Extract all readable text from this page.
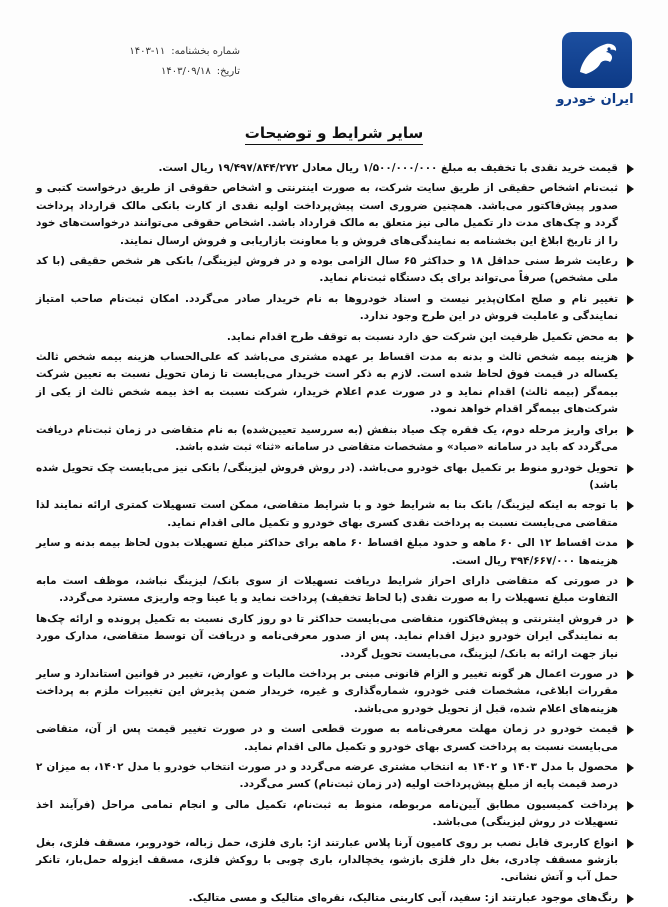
ایران خودرو
شماره بخشنامه:
۱۴۰۳-۱۱
تاریخ:
۱۴۰۳/۰۹/۱۸
سایر شرایط و توضیحات
قیمت خرید نقدی با تخفیف به مبلغ ۱/۵۰۰/۰۰۰/۰۰۰ ریال معادل ۱۹/۴۹۷/۸۴۴/۲۷۲ ریال است.
ثبت‌نام اشخاص حقیقی از طریق سایت شرکت، به صورت اینترنتی و اشخاص حقوقی از طریق درخواست کتبی و صدور پیش‌فاکتور می‌باشد. همچنین ضروری است پیش‌پرداخت اولیه نقدی از کارت بانکی مالک قرارداد پرداخت گردد و چک‌های مدت دار تکمیل مالی نیز متعلق به مالک قرارداد باشد. اشخاص حقوقی می‌توانند درخواست‌های خود را از تاریخ ابلاغ این بخشنامه به نمایندگی‌های فروش و یا معاونت بازاریابی و فروش ارسال نمایند.
رعایت شرط سنی حداقل ۱۸ و حداکثر ۶۵ سال الزامی بوده و در فروش لیزینگی/ بانکی هر شخص حقیقی (با کد ملی مشخص) صرفاً می‌تواند برای یک دستگاه ثبت‌نام نماید.
تغییر نام و صلح امکان‌پذیر نیست و اسناد خودروها به نام خریدار صادر می‌گردد. امکان ثبت‌نام صاحب امتیاز نمایندگی و عاملیت فروش در این طرح وجود ندارد.
به محض تکمیل ظرفیت این شرکت حق دارد نسبت به توقف طرح اقدام نماید.
هزینه بیمه شخص ثالث و بدنه به مدت اقساط بر عهده مشتری می‌باشد که علی‌الحساب هزینه بیمه شخص ثالث یکساله در قیمت فوق لحاظ شده است. لازم به ذکر است خریدار می‌بایست تا زمان تحویل نسبت به تعیین شرکت بیمه‌گر (بیمه ثالث) اقدام نماید و در صورت عدم اعلام خریدار، شرکت نسبت به اخذ بیمه شخص ثالث از یکی از شرکت‌های بیمه‌گر اقدام خواهد نمود.
برای واریز مرحله دوم، یک فقره چک صیاد بنفش (به سررسید تعیین‌شده) به نام متقاضی در زمان ثبت‌نام دریافت می‌گردد که باید در سامانه «صیاد» و مشخصات متقاضی در سامانه «ثنا» ثبت شده باشد.
تحویل خودرو منوط بر تکمیل بهای خودرو می‌باشد. (در روش فروش لیزینگی/ بانکی نیز می‌بایست چک تحویل شده باشد)
با توجه به اینکه لیزینگ/ بانک بنا به شرایط خود و با شرایط متقاضی، ممکن است تسهیلات کمتری ارائه نمایند لذا متقاضی می‌بایست نسبت به پرداخت نقدی کسری بهای خودرو و تکمیل مالی اقدام نماید.
مدت اقساط ۱۲ الی ۶۰ ماهه و حدود مبلغ اقساط ۶۰ ماهه برای حداکثر مبلغ تسهیلات بدون لحاظ بیمه بدنه و سایر هزینه‌ها ۳۹۴/۶۶۷/۰۰۰ ریال است.
در صورتی که متقاضی دارای احراز شرایط دریافت تسهیلات از سوی بانک/ لیزینگ نباشد، موظف است مابه التفاوت مبلغ تسهیلات را به صورت نقدی (با لحاظ تخفیف) پرداخت نماید و یا عینا وجه واریزی مسترد می‌گردد.
در فروش اینترنتی و پیش‌فاکتور، متقاضی می‌بایست حداکثر تا دو روز کاری نسبت به تکمیل پرونده و ارائه چک‌ها به نمایندگی ایران خودرو دیزل اقدام نماید. پس از صدور معرفی‌نامه و دریافت آن توسط متقاضی، مدارک مورد نیاز جهت ارائه به بانک/ لیزینگ، می‌بایست تحویل گردد.
در صورت اعمال هر گونه تغییر و الزام قانونی مبنی بر پرداخت مالیات و عوارض، تغییر در قوانین استاندارد و سایر مقررات ابلاغی، مشخصات فنی خودرو، شماره‌گذاری و غیره، خریدار ضمن پذیرش این تغییرات ملزم به پرداخت هزینه‌های اعلام شده، قبل از تحویل خودرو می‌باشد.
قیمت خودرو در زمان مهلت معرفی‌نامه به صورت قطعی است و در صورت تغییر قیمت پس از آن، متقاضی می‌بایست نسبت به پرداخت کسری بهای خودرو و تکمیل مالی اقدام نماید.
محصول با مدل ۱۴۰۳ و ۱۴۰۲ به انتخاب مشتری عرضه می‌گردد و در صورت انتخاب خودرو با مدل ۱۴۰۲، به میزان ۲ درصد قیمت پایه از مبلغ پیش‌پرداخت اولیه (در زمان ثبت‌نام) کسر می‌گردد.
پرداخت کمیسیون مطابق آیین‌نامه مربوطه، منوط به ثبت‌نام، تکمیل مالی و انجام تمامی مراحل (فرآیند اخذ تسهیلات در روش لیزینگی) می‌باشد.
انواع کاربری قابل نصب بر روی کامیون آرنا پلاس عبارتند از: باری فلزی، حمل زباله، خودروبر، مسقف فلزی، بغل بازشو مسقف چادری، بغل دار فلزی بازشو، یخچالدار، باری چوبی با روکش فلزی، مسقف ایزوله حمل‌بار، تانکر حمل آب و آتش نشانی.
رنگ‌های موجود عبارتند از: سفید، آبی کاربنی متالیک، نقره‌ای متالیک و مسی متالیک.
